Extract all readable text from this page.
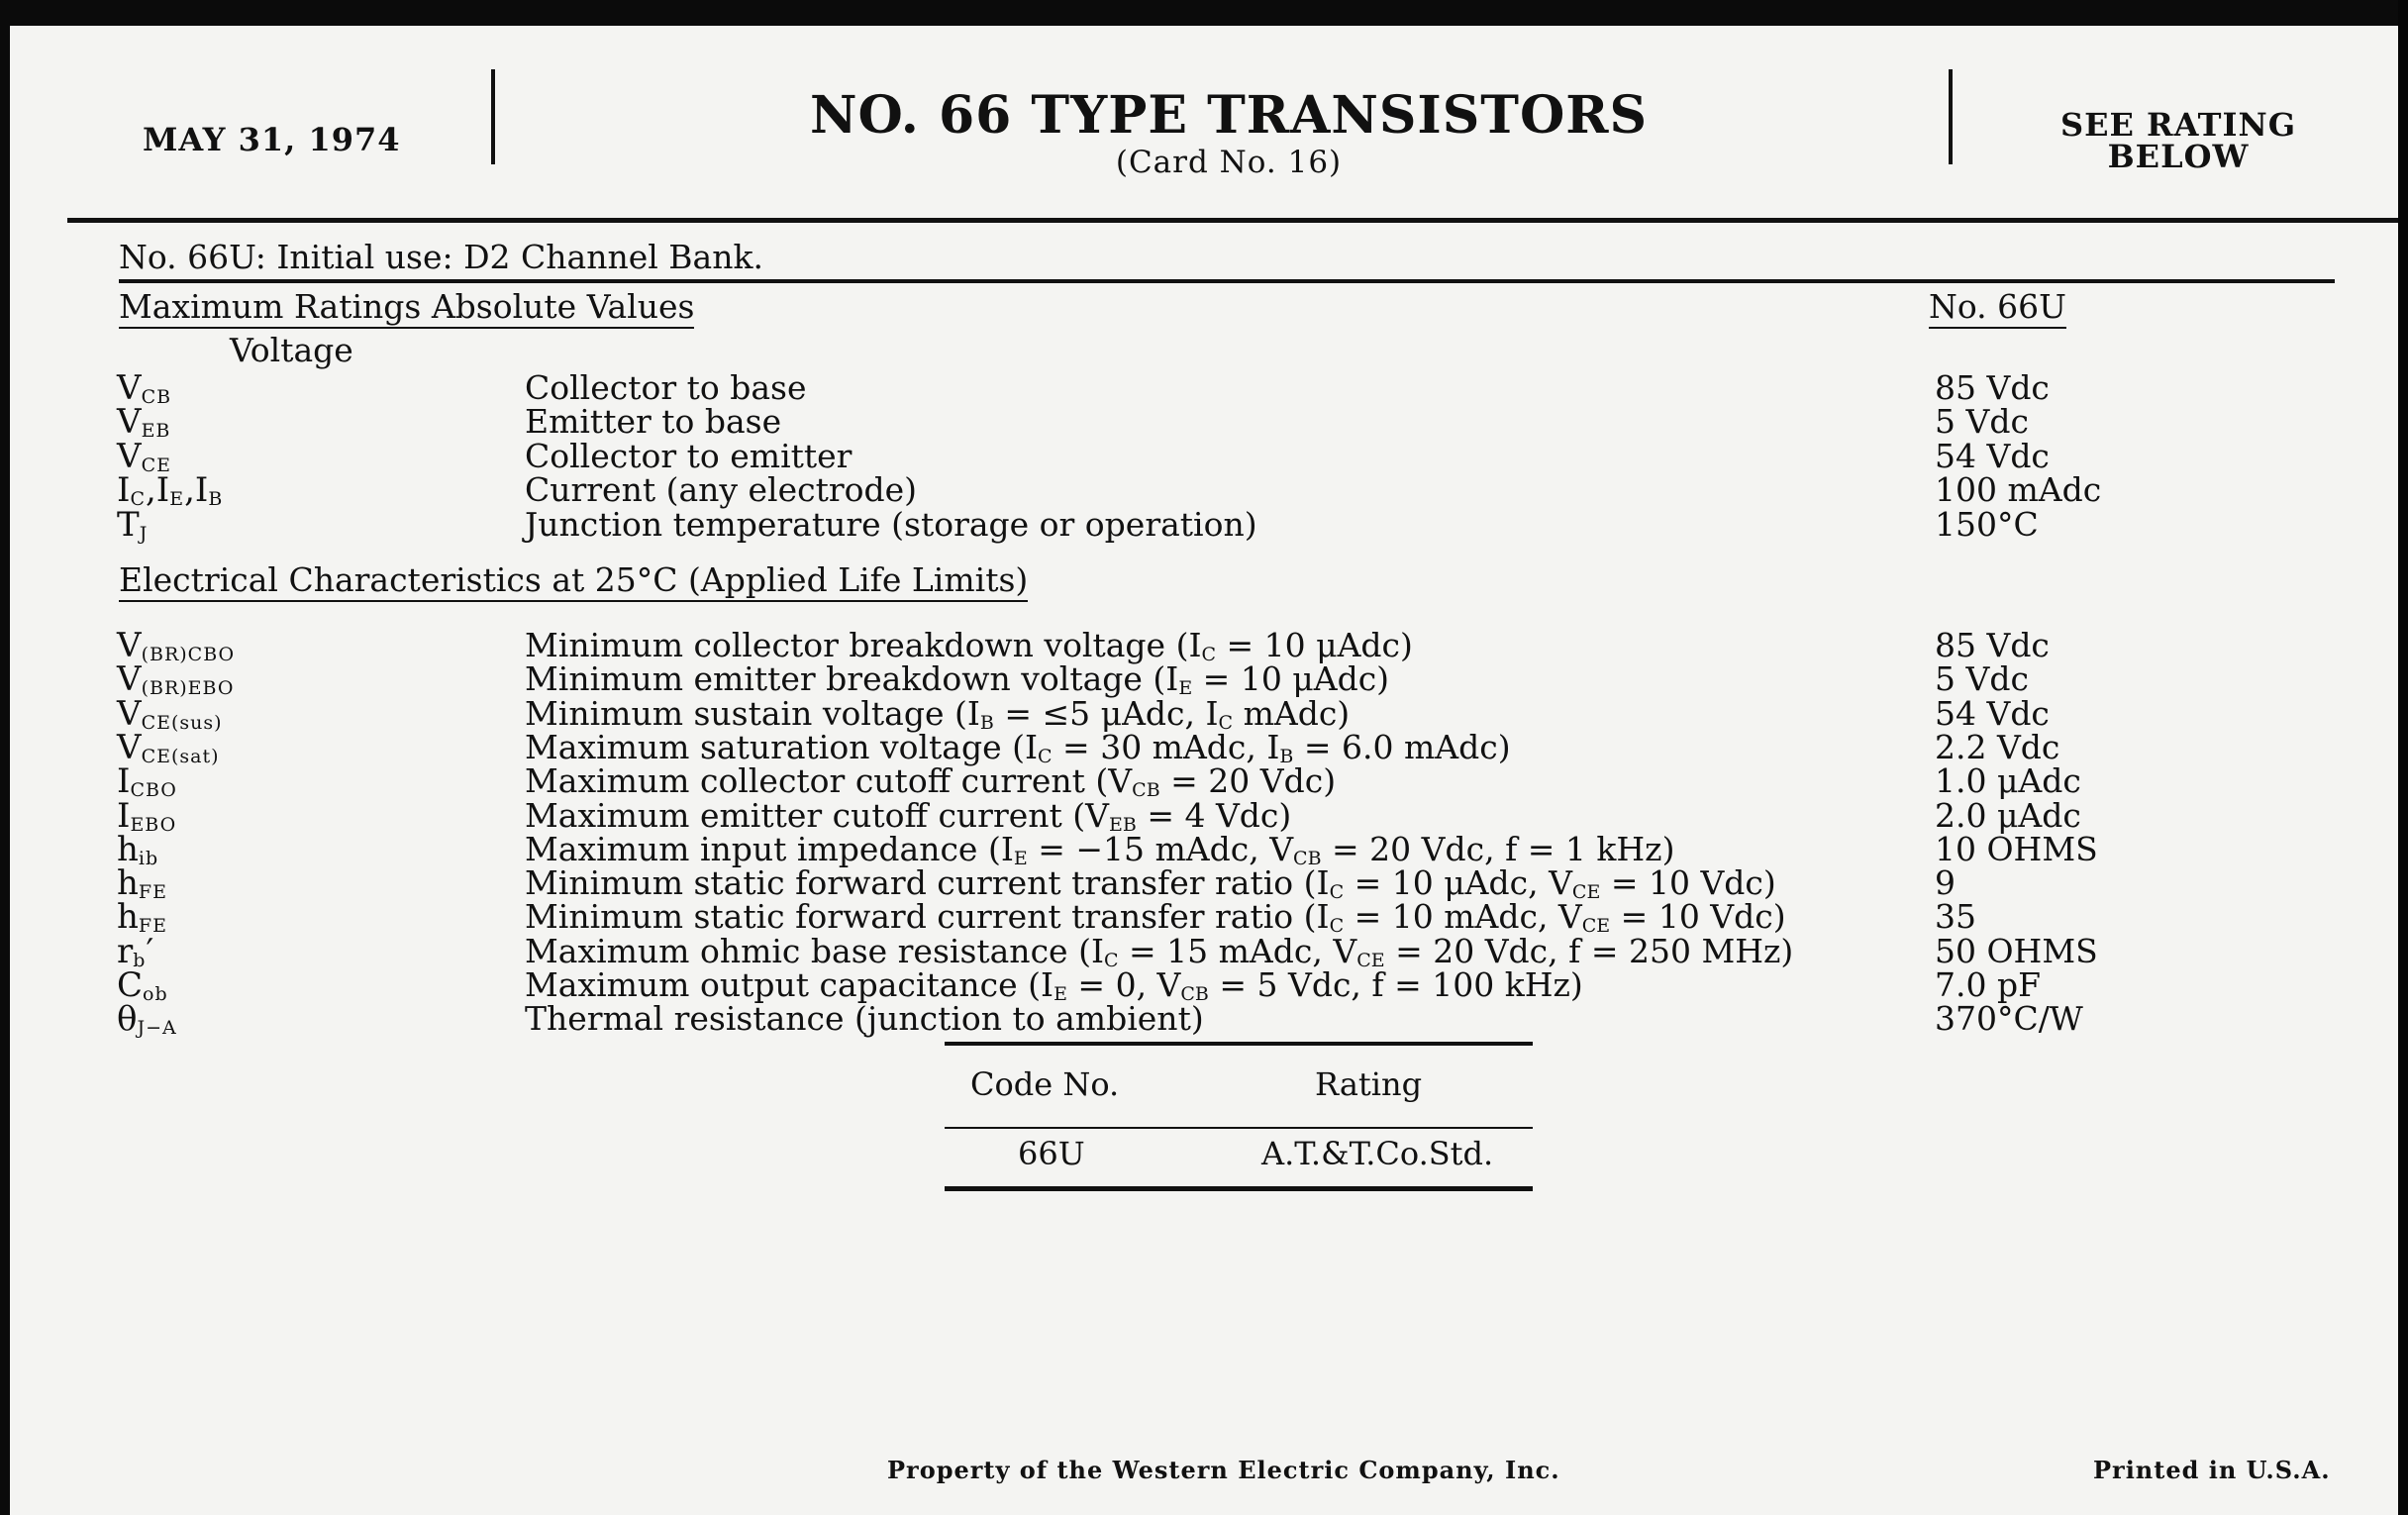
MAY 31, 1974	NO. 66 TYPE TRANSISTORS
(Card No. 16)
SEE RATING
BELOW
No. 66U: Initial use: D2 Channel Bank.
Maximum Ratings Absolute Values	No. 66U
Voltage
$V_{CB}$	Collector to base	85 Vdc
$V_{EB}$	Emitter to base	5 Vdc
$V_{CE}$	Collector to emitter	54 Vdc
$I_C,I_E,I_B$	Current (any electrode)	100 mAdc
$T_J$	Junction temperature (storage or operation)	150°C
Electrical Characteristics at 25°C (Applied Life Limits)
$V_{(BR)CBO}$	Minimum collector breakdown voltage ($I_C = 10$ μAdc)	85 Vdc
$V_{(BR)EBO}$	Minimum emitter breakdown voltage ($I_E = 10$ μAdc)	5 Vdc
$V_{CE(sus)}$	Minimum sustain voltage ($I_B = \le 5$ μAdc, $I_C$ mAdc)	54 Vdc
$V_{CE(sat)}$	Maximum saturation voltage ($I_C = 30$ mAdc, $I_B = 6.0$ mAdc)	2.2 Vdc
$I_{CBO}$	Maximum collector cutoff current ($V_{CB} = 20$ Vdc)	1.0 μAdc
$I_{EBO}$	Maximum emitter cutoff current ($V_{EB} = 4$ Vdc)	2.0 μAdc
$h_{ib}$	Maximum input impedance ($I_E = -15$ mAdc, $V_{CB} = 20$ Vdc, f = 1 kHz)	10 OHMS
$h_{FE}$	Minimum static forward current transfer ratio ($I_C = 10$ μAdc, $V_{CE} = 10$ Vdc)	9
$h_{FE}$	Minimum static forward current transfer ratio ($I_C = 10$ mAdc, $V_{CE} = 10$ Vdc)	35
$r_b'$	Maximum ohmic base resistance ($I_C = 15$ mAdc, $V_{CE} = 20$ Vdc, f = 250 MHz)	50 OHMS
$C_{ob}$	Maximum output capacitance ($I_E = 0$, $V_{CB} = 5$ Vdc, f = 100 kHz)	7.0 pF
$\theta_{J-A}$	Thermal resistance (junction to ambient)	370°C/W
Code No.	Rating
66U	A.T.&T.Co.Std.
Property of the Western Electric Company, Inc.	Printed in U.S.A.
